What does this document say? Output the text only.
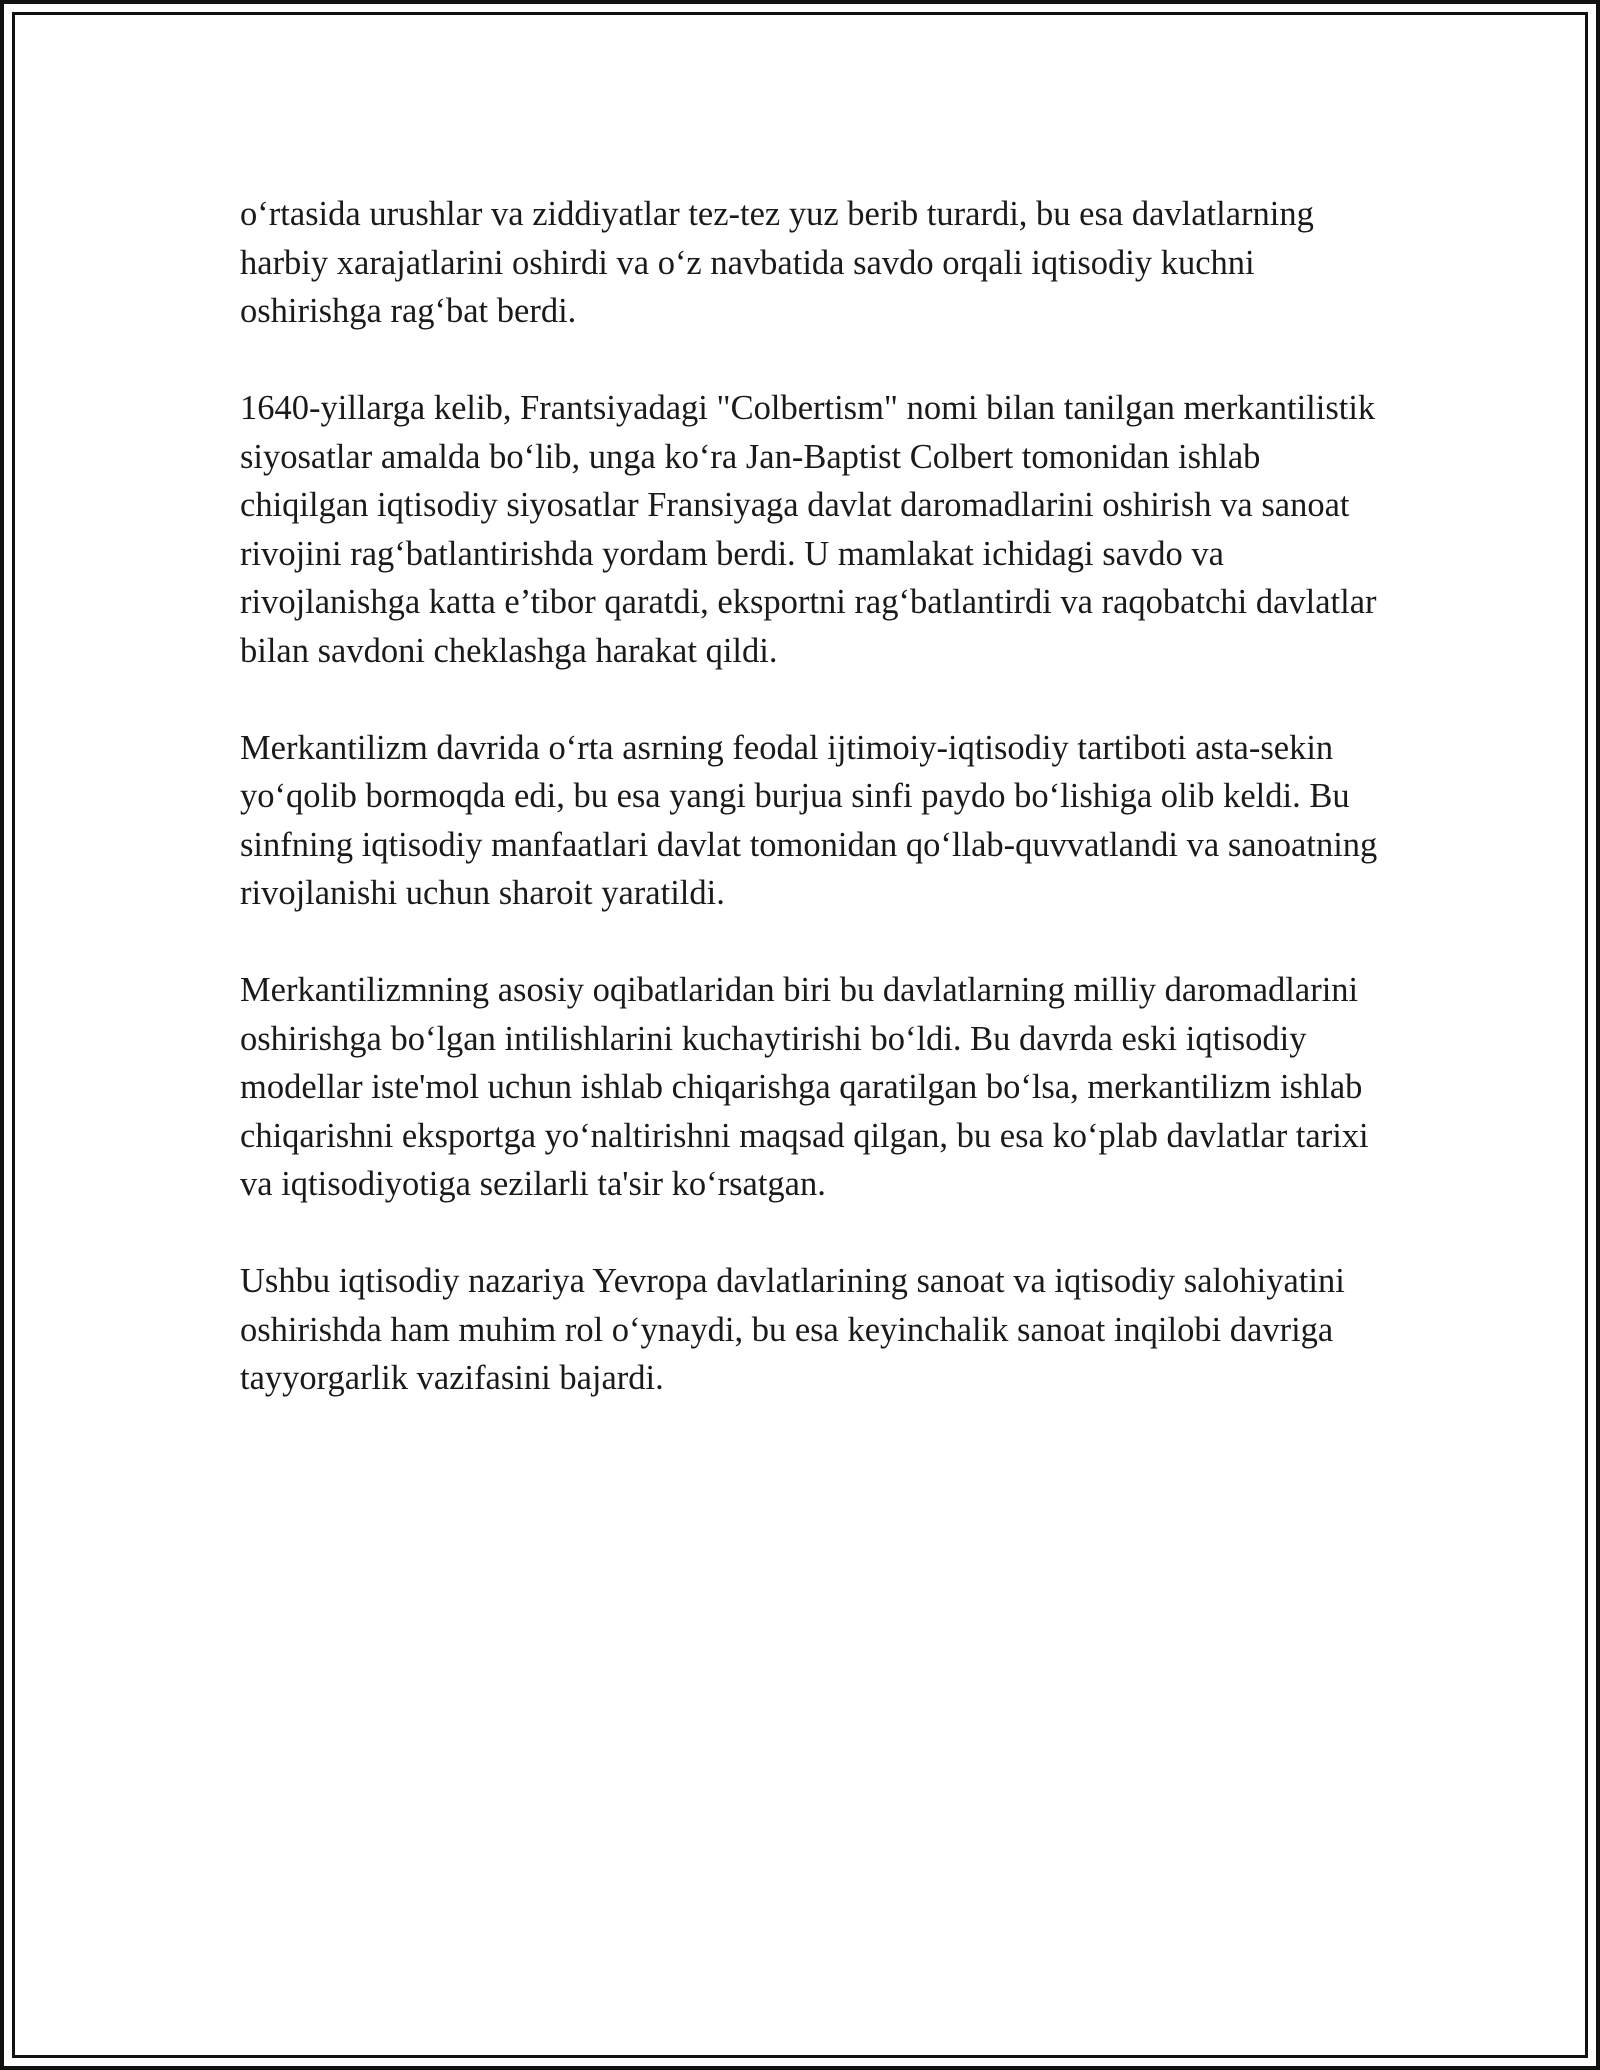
o‘rtasida urushlar va ziddiyatlar tez-tez yuz berib turardi, bu esa davlatlarning harbiy xarajatlarini oshirdi va o‘z navbatida savdo orqali iqtisodiy kuchni oshirishga rag‘bat berdi.

1640-yillarga kelib, Frantsiyadagi "Colbertism" nomi bilan tanilgan merkantilistik siyosatlar amalda bo‘lib, unga ko‘ra Jan-Baptist Colbert tomonidan ishlab chiqilgan iqtisodiy siyosatlar Fransiyaga davlat daromadlarini oshirish va sanoat rivojini rag‘batlantirishda yordam berdi. U mamlakat ichidagi savdo va rivojlanishga katta e’tibor qaratdi, eksportni rag‘batlantirdi va raqobatchi davlatlar bilan savdoni cheklashga harakat qildi.

Merkantilizm davrida o‘rta asrning feodal ijtimoiy-iqtisodiy tartiboti asta-sekin yo‘qolib bormoqda edi, bu esa yangi burjua sinfi paydo bo‘lishiga olib keldi. Bu sinfning iqtisodiy manfaatlari davlat tomonidan qo‘llab-quvvatlandi va sanoatning rivojlanishi uchun sharoit yaratildi.

Merkantilizmning asosiy oqibatlaridan biri bu davlatlarning milliy daromadlarini oshirishga bo‘lgan intilishlarini kuchaytirishi bo‘ldi. Bu davrda eski iqtisodiy modellar iste'mol uchun ishlab chiqarishga qaratilgan bo‘lsa, merkantilizm ishlab chiqarishni eksportga yo‘naltirishni maqsad qilgan, bu esa ko‘plab davlatlar tarixi va iqtisodiyotiga sezilarli ta'sir ko‘rsatgan.

Ushbu iqtisodiy nazariya Yevropa davlatlarining sanoat va iqtisodiy salohiyatini oshirishda ham muhim rol o‘ynaydi, bu esa keyinchalik sanoat inqilobi davriga tayyorgarlik vazifasini bajardi.
